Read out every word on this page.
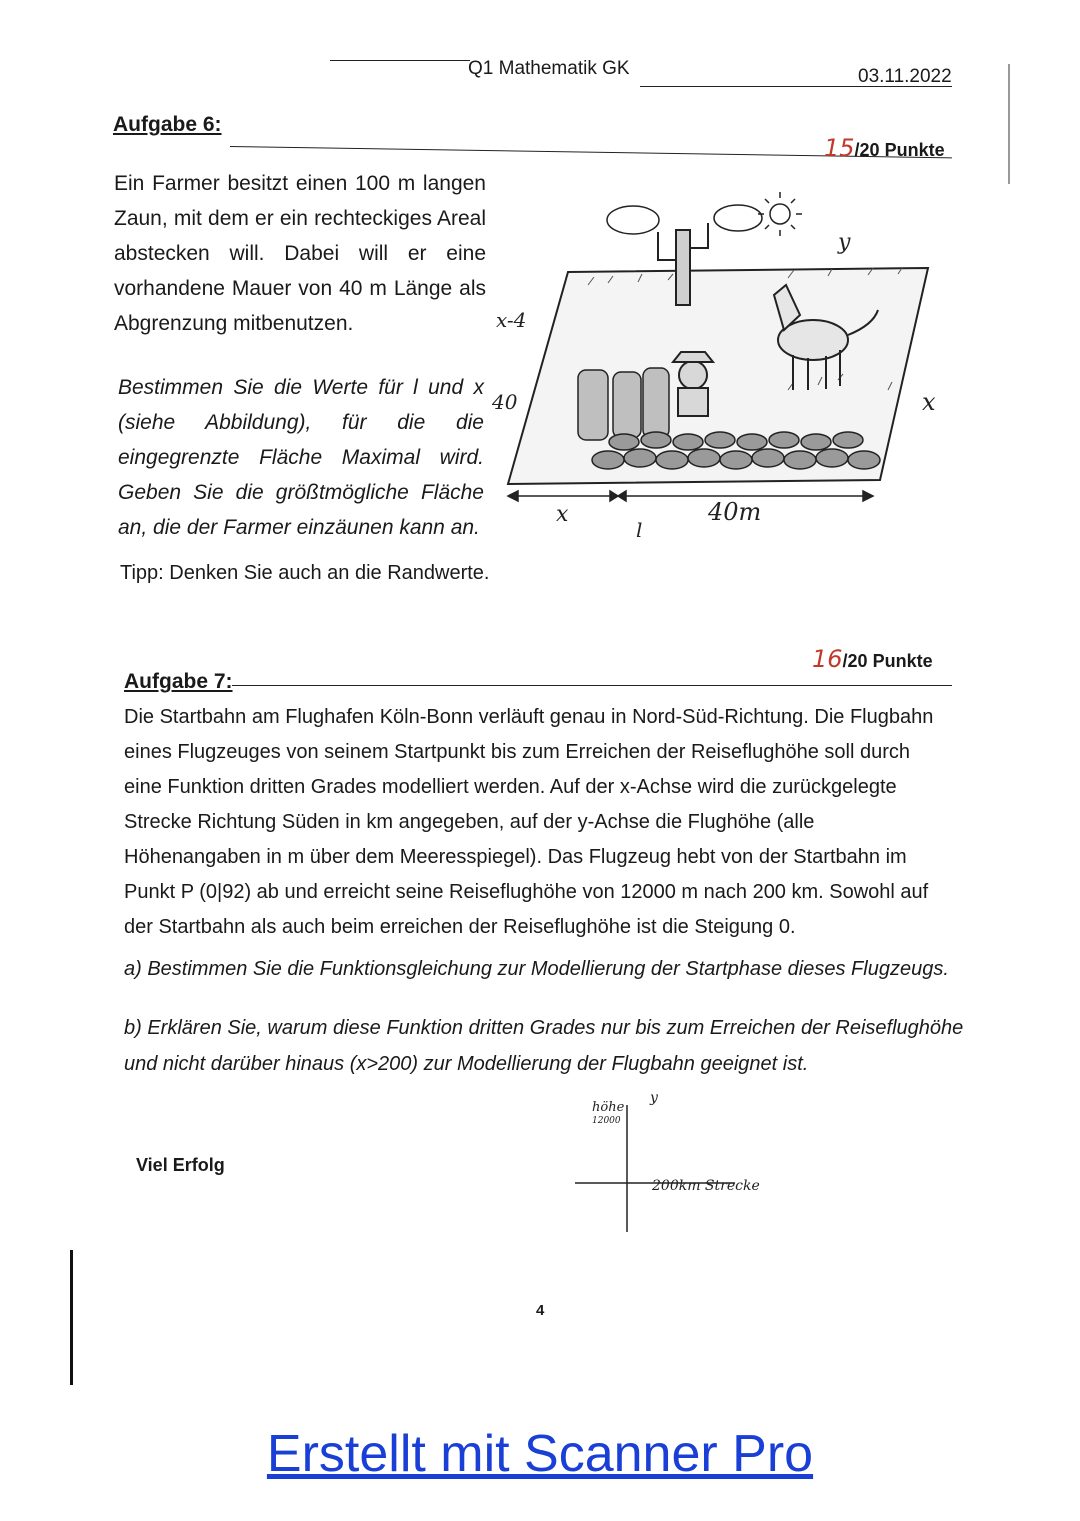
Q1 Mathematik GK	03.11.2022
Aufgabe 6:
15/20 Punkte
Ein Farmer besitzt einen 100 m langen Zaun, mit dem er ein rechteckiges Areal abstecken will. Dabei will er eine vorhandene Mauer von 40 m Länge als Abgrenzung mitbenutzen.
Bestimmen Sie die Werte für l und x (siehe Abbildung), für die die eingegrenzte Fläche Maximal wird. Geben Sie die größtmögliche Fläche an, die der Farmer einzäunen kann an.
Tipp: Denken Sie auch an die Randwerte.
40m
x
l
x-4
40
y
x
Aufgabe 7:
16/20 Punkte
Die Startbahn am Flughafen Köln-Bonn verläuft genau in Nord-Süd-Richtung. Die Flugbahn eines Flugzeuges von seinem Startpunkt bis zum Erreichen der Reiseflughöhe soll durch eine Funktion dritten Grades modelliert werden. Auf der x-Achse wird die zurückgelegte Strecke Richtung Süden in km angegeben, auf der y-Achse die Flughöhe (alle Höhenangaben in m über dem Meeresspiegel). Das Flugzeug hebt von der Startbahn im Punkt P (0|92) ab und erreicht seine Reiseflughöhe von 12000 m nach 200 km. Sowohl auf der Startbahn als auch beim erreichen der Reiseflughöhe ist die Steigung 0.
a) Bestimmen Sie die Funktionsgleichung zur Modellierung der Startphase dieses Flugzeugs.
b) Erklären Sie, warum diese Funktion dritten Grades nur bis zum Erreichen der Reiseflughöhe und nicht darüber hinaus (x>200) zur Modellierung der Flugbahn geeignet ist.
y
höhe
12000
200km Strecke
Viel Erfolg
4
Erstellt mit Scanner Pro
